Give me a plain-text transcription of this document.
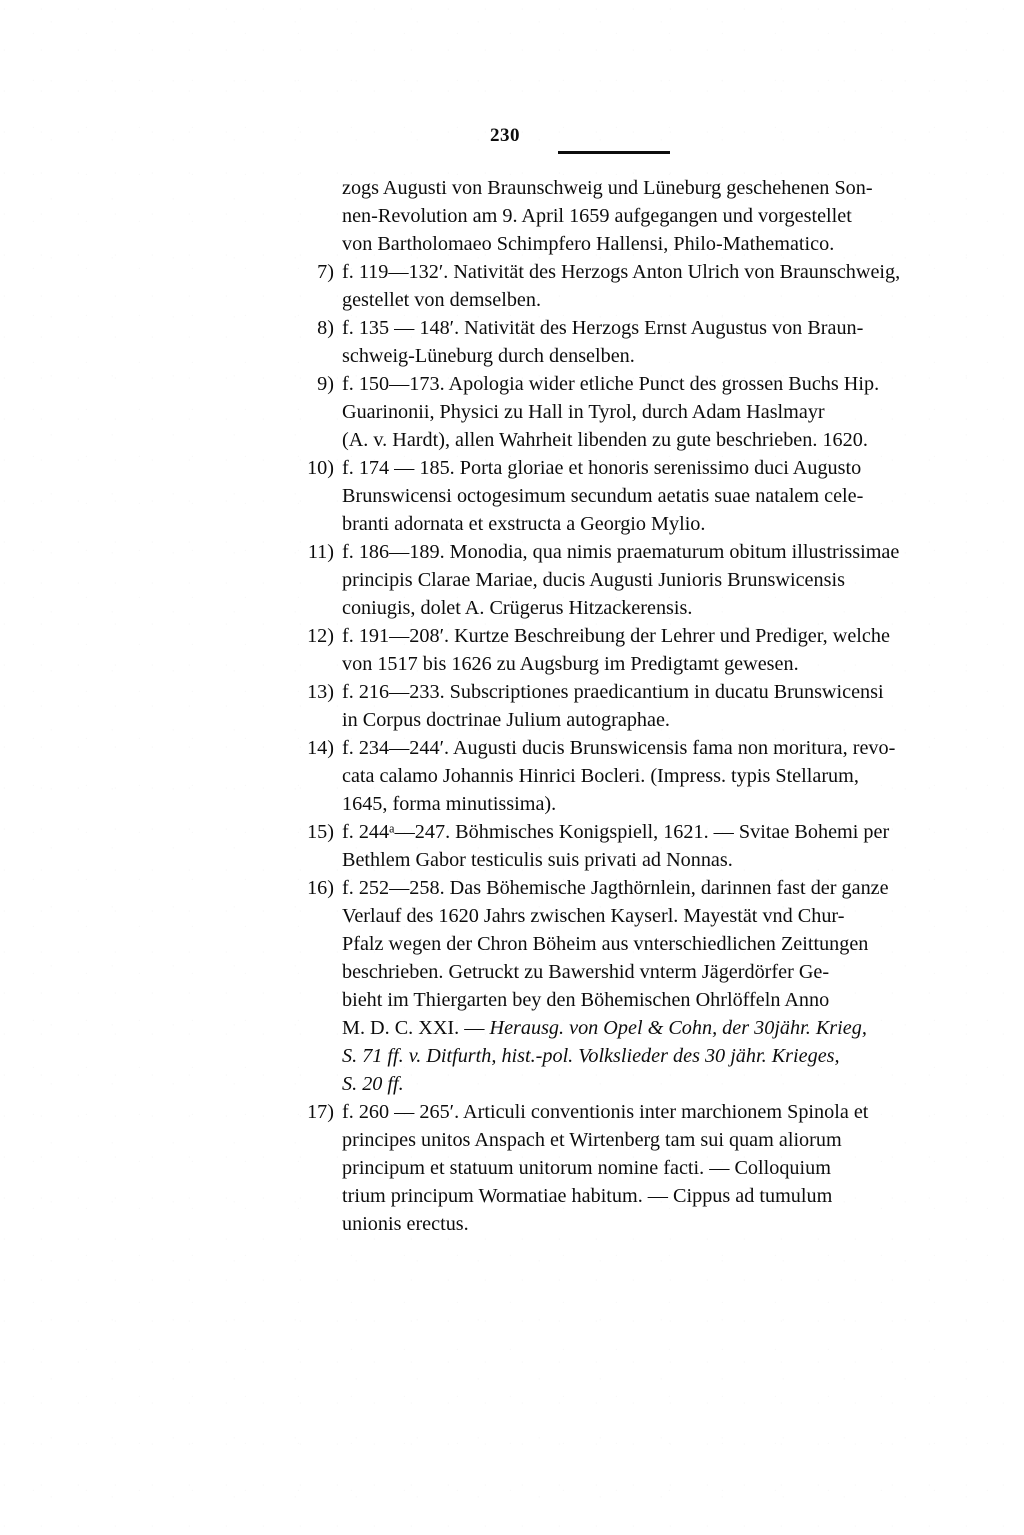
230
zogs Augusti von Braunschweig und Lüneburg geschehenen Son-
nen-Revolution am 9. April 1659 aufgegangen und vorgestellet
von Bartholomaeo Schimpfero Hallensi, Philo-Mathematico.
7) f. 119—132′. Nativität des Herzogs Anton Ulrich von Braunschweig,
gestellet von demselben.
8) f. 135 — 148′. Nativität des Herzogs Ernst Augustus von Braun-
schweig-Lüneburg durch denselben.
9) f. 150—173. Apologia wider etliche Punct des grossen Buchs Hip.
Guarinonii, Physici zu Hall in Tyrol, durch Adam Haslmayr
(A. v. Hardt), allen Wahrheit libenden zu gute beschrieben. 1620.
10) f. 174 — 185. Porta gloriae et honoris serenissimo duci Augusto
Brunswicensi octogesimum secundum aetatis suae natalem cele-
branti adornata et exstructa a Georgio Mylio.
11) f. 186—189. Monodia, qua nimis praematurum obitum illustrissimae
principis Clarae Mariae, ducis Augusti Junioris Brunswicensis
coniugis, dolet A. Crügerus Hitzackerensis.
12) f. 191—208′. Kurtze Beschreibung der Lehrer und Prediger, welche
von 1517 bis 1626 zu Augsburg im Predigtamt gewesen.
13) f. 216—233. Subscriptiones praedicantium in ducatu Brunswicensi
in Corpus doctrinae Julium autographae.
14) f. 234—244′. Augusti ducis Brunswicensis fama non moritura, revo-
cata calamo Johannis Hinrici Bocleri. (Impress. typis Stellarum,
1645, forma minutissima).
15) f. 244ᵃ—247. Böhmisches Konigspiell, 1621. — Svitae Bohemi per
Bethlem Gabor testiculis suis privati ad Nonnas.
16) f. 252—258. Das Böhemische Jagthörnlein, darinnen fast der ganze
Verlauf des 1620 Jahrs zwischen Kayserl. Mayestät vnd Chur-
Pfalz wegen der Chron Böheim aus vnterschiedlichen Zeittungen
beschrieben. Getruckt zu Bawershid vnterm Jägerdörfer Ge-
bieht im Thiergarten bey den Böhemischen Ohrlöffeln Anno
M. D. C. XXI. — Herausg. von Opel & Cohn, der 30jähr. Krieg,
S. 71 ff. v. Ditfurth, hist.-pol. Volkslieder des 30 jähr. Krieges,
S. 20 ff.
17) f. 260 — 265′. Articuli conventionis inter marchionem Spinola et
principes unitos Anspach et Wirtenberg tam sui quam aliorum
principum et statuum unitorum nomine facti. — Colloquium
trium principum Wormatiae habitum. — Cippus ad tumulum
unionis erectus.
